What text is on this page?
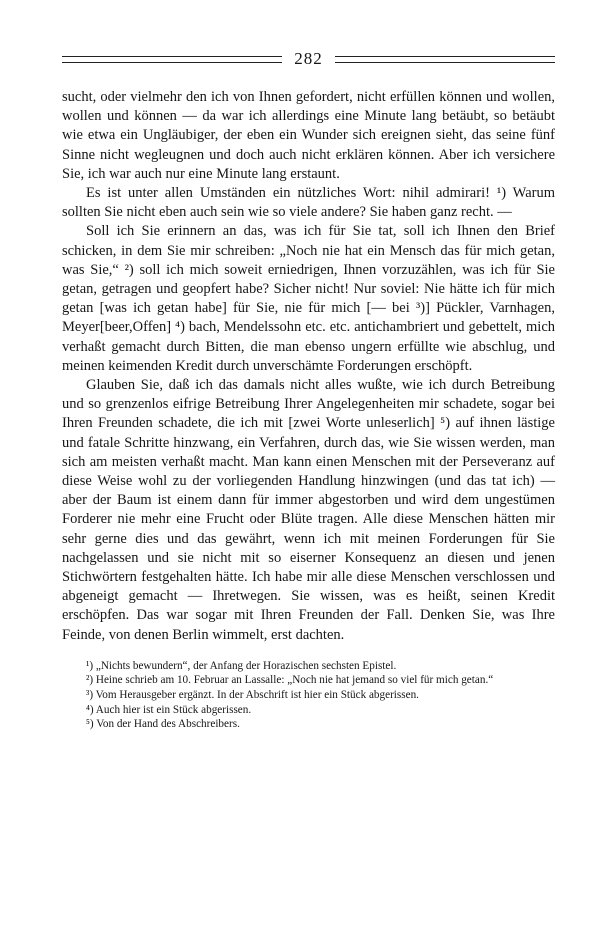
282

sucht, oder vielmehr den ich von Ihnen gefordert, nicht erfüllen können und wollen, wollen und können — da war ich allerdings eine Minute lang betäubt, so betäubt wie etwa ein Ungläubiger, der eben ein Wunder sich ereignen sieht, das seine fünf Sinne nicht wegleugnen und doch auch nicht erklären können. Aber ich versichere Sie, ich war auch nur eine Minute lang erstaunt.

Es ist unter allen Umständen ein nützliches Wort: nihil admirari! ¹) Warum sollten Sie nicht eben auch sein wie so viele andere? Sie haben ganz recht. —

Soll ich Sie erinnern an das, was ich für Sie tat, soll ich Ihnen den Brief schicken, in dem Sie mir schreiben: „Noch nie hat ein Mensch das für mich getan, was Sie,“ ²) soll ich mich soweit erniedrigen, Ihnen vorzuzählen, was ich für Sie getan, getragen und geopfert habe? Sicher nicht! Nur soviel: Nie hätte ich für mich getan [was ich getan habe] für Sie, nie für mich [— bei ³)] Pückler, Varnhagen, Meyer[beer,Offen] ⁴) bach, Mendelssohn etc. etc. antichambriert und gebettelt, mich verhaßt gemacht durch Bitten, die man ebenso ungern erfüllte wie abschlug, und meinen keimenden Kredit durch unverschämte Forderungen erschöpft.

Glauben Sie, daß ich das damals nicht alles wußte, wie ich durch Betreibung und so grenzenlos eifrige Betreibung Ihrer Angelegenheiten mir schadete, sogar bei Ihren Freunden schadete, die ich mit [zwei Worte unleserlich] ⁵) auf ihnen lästige und fatale Schritte hinzwang, ein Verfahren, durch das, wie Sie wissen werden, man sich am meisten verhaßt macht. Man kann einen Menschen mit der Perseveranz auf diese Weise wohl zu der vorliegenden Handlung hinzwingen (und das tat ich) — aber der Baum ist einem dann für immer abgestorben und wird dem ungestümen Forderer nie mehr eine Frucht oder Blüte tragen. Alle diese Menschen hätten mir sehr gerne dies und das gewährt, wenn ich mit meinen Forderungen für Sie nachgelassen und sie nicht mit so eiserner Konsequenz an diesen und jenen Stichwörtern festgehalten hätte. Ich habe mir alle diese Menschen verschlossen und abgeneigt gemacht — Ihretwegen. Sie wissen, was es heißt, seinen Kredit erschöpfen. Das war sogar mit Ihren Freunden der Fall. Denken Sie, was Ihre Feinde, von denen Berlin wimmelt, erst dachten.

¹) „Nichts bewundern“, der Anfang der Horazischen sechsten Epistel.
²) Heine schrieb am 10. Februar an Lassalle: „Noch nie hat jemand so viel für mich getan.“
³) Vom Herausgeber ergänzt. In der Abschrift ist hier ein Stück abgerissen.
⁴) Auch hier ist ein Stück abgerissen.
⁵) Von der Hand des Abschreibers.
